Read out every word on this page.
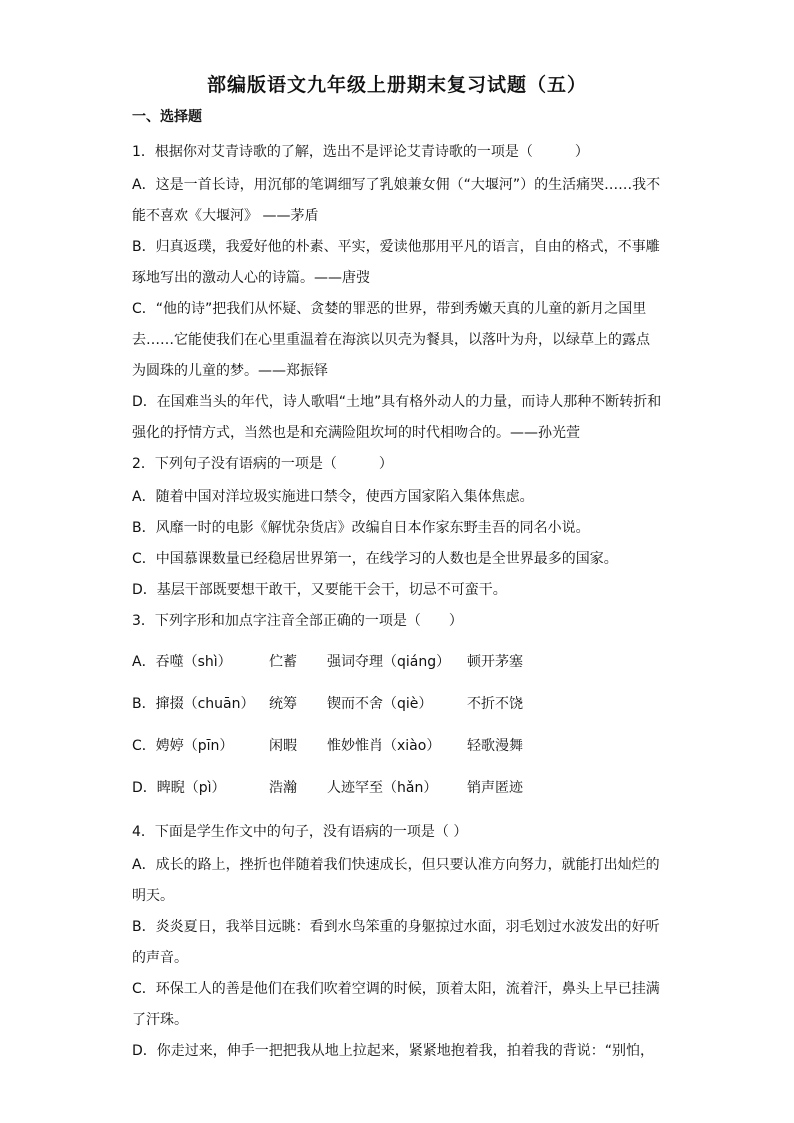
部编版语文九年级上册期末复习试题（五）
一、选择题
1．根据你对艾青诗歌的了解，选出不是评论艾青诗歌的一项是（　　　）
A．这是一首长诗，用沉郁的笔调细写了乳娘兼女佣（“大堰河”）的生活痛哭……我不能不喜欢《大堰河》 ——茅盾
B．归真返璞，我爱好他的朴素、平实，爱读他那用平凡的语言，自由的格式，不事雕琢地写出的激动人心的诗篇。——唐弢
C．“他的诗”把我们从怀疑、贪婪的罪恶的世界，带到秀嫩天真的儿童的新月之国里去……它能使我们在心里重温着在海滨以贝壳为餐具，以落叶为舟，以绿草上的露点为圆珠的儿童的梦。——郑振铎
D．在国难当头的年代，诗人歌唱“土地”具有格外动人的力量，而诗人那种不断转折和强化的抒情方式，当然也是和充满险阻坎坷的时代相吻合的。——孙光萱
2．下列句子没有语病的一项是（　　　）
A．随着中国对洋垃圾实施进口禁令，使西方国家陷入集体焦虑。
B．风靡一时的电影《解忧杂货店》改编自日本作家东野圭吾的同名小说。
C．中国慕课数量已经稳居世界第一，在线学习的人数也是全世界最多的国家。
D．基层干部既要想干敢干，又要能干会干，切忌不可蛮干。
3．下列字形和加点字注音全部正确的一项是（　　）
A．吞噬（shì）	伫蓄	强词夺理（qiáng）	顿开茅塞
B．撺掇（chuān）	统筹	锲而不舍（qiè）	不折不饶
C．娉婷（pīn）	闲暇	惟妙惟肖（xiào）	轻歌漫舞
D．睥睨（pì）	浩瀚	人迹罕至（hǎn）	销声匿迹
4．下面是学生作文中的句子，没有语病的一项是（ ）
A．成长的路上，挫折也伴随着我们快速成长，但只要认准方向努力，就能打出灿烂的明天。
B．炎炎夏日，我举目远眺：看到水鸟笨重的身躯掠过水面，羽毛划过水波发出的好听的声音。
C．环保工人的善是他们在我们吹着空调的时候，顶着太阳，流着汗，鼻头上早已挂满了汗珠。
D．你走过来，伸手一把把我从地上拉起来，紧紧地抱着我，拍着我的背说：“别怕，
